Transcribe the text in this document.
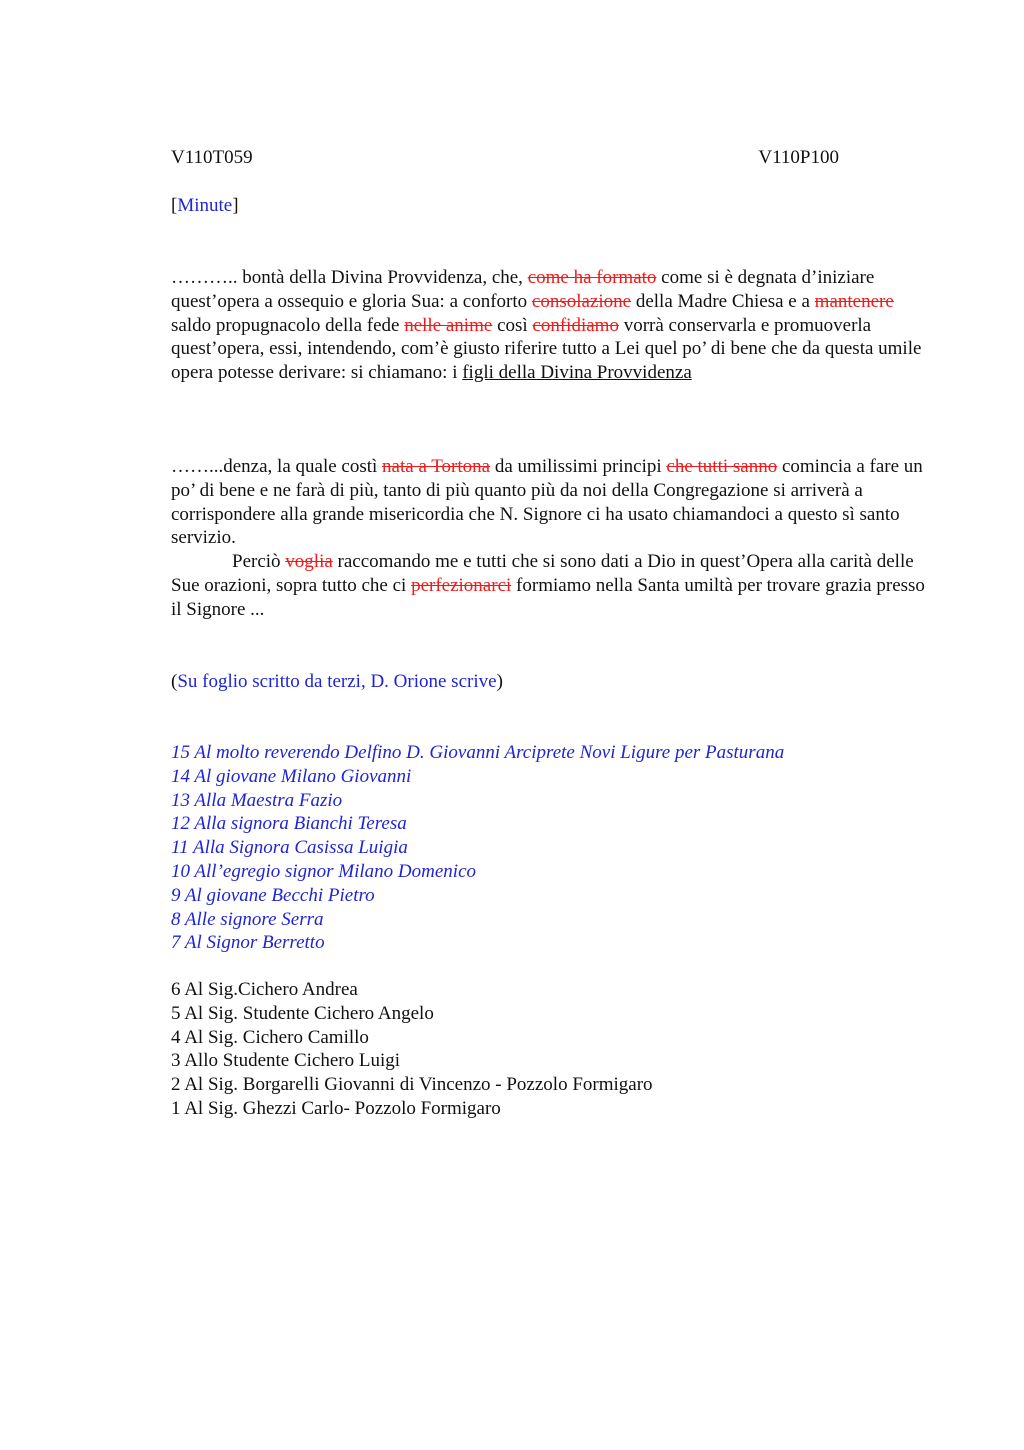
V110T059	V110P100
[Minute]

……….. bontà della Divina Provvidenza, che, come ha formato come si è degnata d’iniziare quest’opera a ossequio e gloria Sua: a conforto consolazione della Madre Chiesa e a mantenere saldo propugnacolo della fede nelle anime così confidiamo vorrà conservarla e promuoverla quest’opera, essi, intendendo, com’è giusto riferire tutto a Lei quel po’ di bene che da questa umile opera potesse derivare: si chiamano: i figli della Divina Provvidenza

……...denza, la quale costì nata a Tortona da umilissimi principi che tutti sanno comincia a fare un po’ di bene e ne farà di più, tanto di più quanto più da noi della Congregazione si arriverà a corrispondere alla grande misericordia che N. Signore ci ha usato chiamandoci a questo sì santo servizio.
Perciò voglia raccomando me e tutti che si sono dati a Dio in quest’Opera alla carità delle Sue orazioni, sopra tutto che ci perfezionarci formiamo nella Santa umiltà per trovare grazia presso il Signore ...

(Su foglio scritto da terzi, D. Orione scrive)
15 Al molto reverendo Delfino D. Giovanni Arciprete Novi Ligure per Pasturana
14 Al giovane Milano Giovanni
13 Alla Maestra Fazio
12 Alla signora Bianchi Teresa
11 Alla Signora Casissa Luigia
10 All’egregio signor Milano Domenico
9 Al giovane Becchi Pietro
8 Alle signore Serra
7 Al Signor Berretto
6 Al Sig.Cichero Andrea
5 Al Sig. Studente Cichero Angelo
4 Al Sig. Cichero Camillo
3 Allo Studente Cichero Luigi
2 Al Sig. Borgarelli Giovanni di Vincenzo - Pozzolo Formigaro
1 Al Sig. Ghezzi Carlo- Pozzolo Formigaro
